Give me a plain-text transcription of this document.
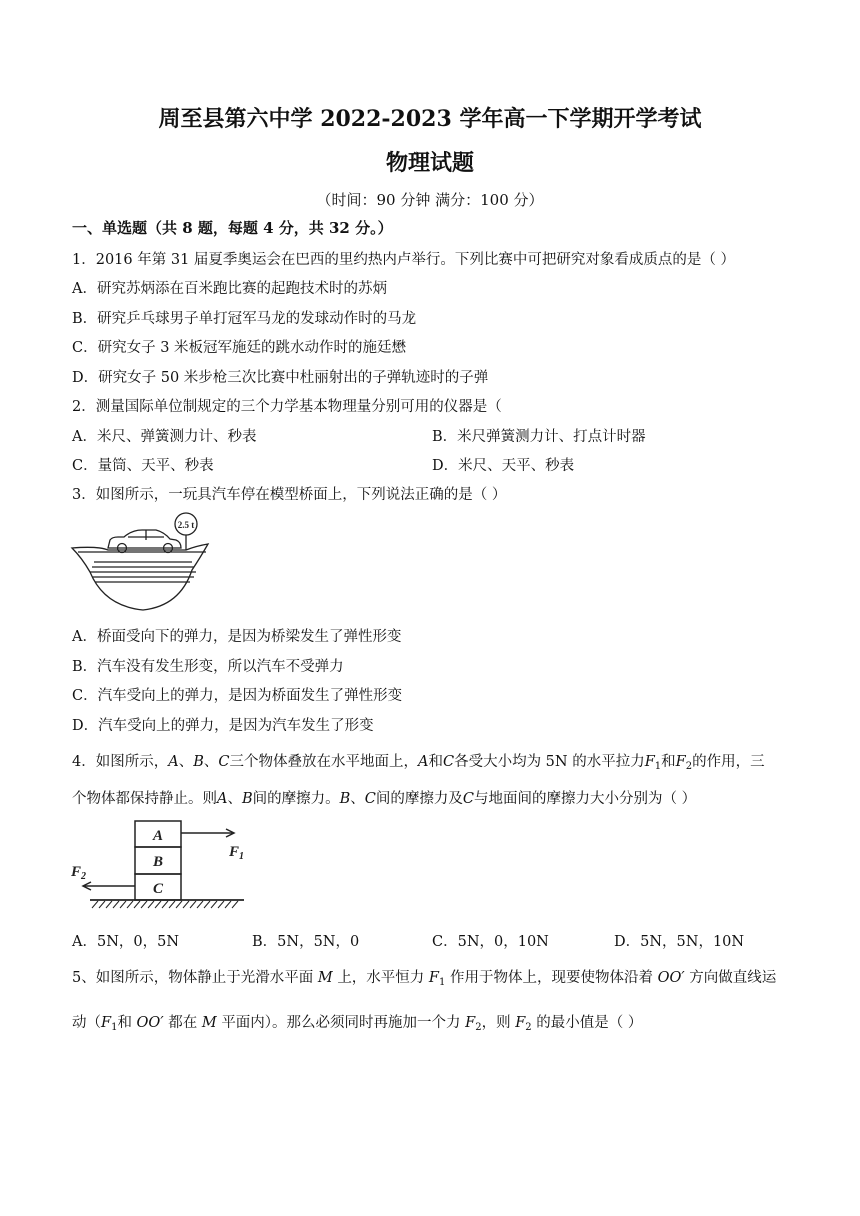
周至县第六中学 2022-2023 学年高一下学期开学考试
物理试题
（时间：90 分钟 满分：100 分）
一、单选题（共 8 题，每题 4 分，共 32 分。）
1．2016 年第 31 届夏季奥运会在巴西的里约热内卢举行。下列比赛中可把研究对象看成质点的是（ ）
A．研究苏炳添在百米跑比赛的起跑技术时的苏炳
B．研究乒乓球男子单打冠军马龙的发球动作时的马龙
C．研究女子 3 米板冠军施廷的跳水动作时的施廷懋
D．研究女子 50 米步枪三次比赛中杜丽射出的子弹轨迹时的子弹
2．测量国际单位制规定的三个力学基本物理量分别可用的仪器是（
A．米尺、弹簧测力计、秒表	B．米尺弹簧测力计、打点计时器
C．量筒、天平、秒表	D．米尺、天平、秒表
3．如图所示，一玩具汽车停在模型桥面上，下列说法正确的是（ ）
2.5 t
A．桥面受向下的弹力，是因为桥梁发生了弹性形变
B．汽车没有发生形变，所以汽车不受弹力
C．汽车受向上的弹力，是因为桥面发生了弹性形变
D．汽车受向上的弹力，是因为汽车发生了形变
4．如图所示，A、B、C三个物体叠放在水平地面上，A和C各受大小均为 5N 的水平拉力$F_1$和$F_2$的作用，三
个物体都保持静止。则A、B间的摩擦力。B、C间的摩擦力及C与地面间的摩擦力大小分别为（ ）
A
B
C
$F_1$
$F_2$
A．5N，0，5N	B．5N，5N，0	C．5N，0，10N	D．5N，5N，10N
5、如图所示，物体静止于光滑水平面 M 上，水平恒力 $F_1$ 作用于物体上，现要使物体沿着 OO′ 方向做直线运
动（$F_1$和 OO′ 都在 M 平面内）。那么必须同时再施加一个力 $F_2$，则 $F_2$ 的最小值是（ ）
